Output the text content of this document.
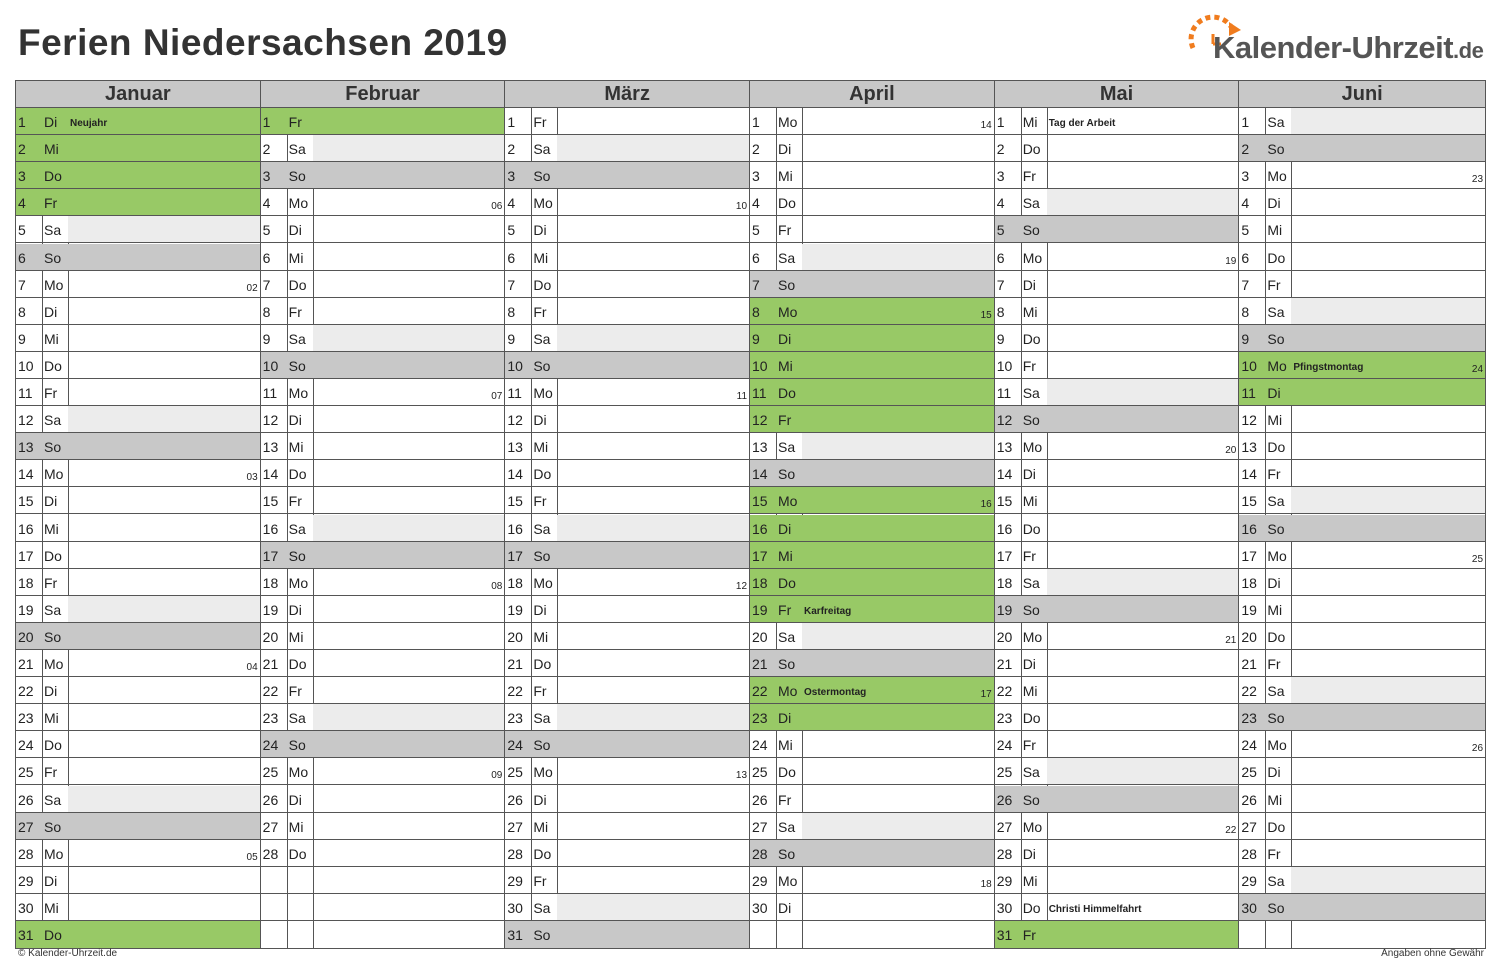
Ferien Niedersachsen 2019	Kalender-Uhrzeit.de
Januar
1 Di Neujahr
2 Mi
3 Do
4 Fr
5 Sa
6 So
7 Mo	02
8 Di
9 Mi
10 Do
11 Fr
12 Sa
13 So
14 Mo	03
15 Di
16 Mi
17 Do
18 Fr
19 Sa
20 So
21 Mo	04
22 Di
23 Mi
24 Do
25 Fr
26 Sa
27 So
28 Mo	05
29 Di
30 Mi
31 Do
Februar
1 Fr
2 Sa
3 So
4 Mo	06
5 Di
6 Mi
7 Do
8 Fr
9 Sa
10 So
11 Mo	07
12 Di
13 Mi
14 Do
15 Fr
16 Sa
17 So
18 Mo	08
19 Di
20 Mi
21 Do
22 Fr
23 Sa
24 So
25 Mo	09
26 Di
27 Mi
28 Do
März
1 Fr
2 Sa
3 So
4 Mo	10
5 Di
6 Mi
7 Do
8 Fr
9 Sa
10 So
11 Mo	11
12 Di
13 Mi
14 Do
15 Fr
16 Sa
17 So
18 Mo	12
19 Di
20 Mi
21 Do
22 Fr
23 Sa
24 So
25 Mo	13
26 Di
27 Mi
28 Do
29 Fr
30 Sa
31 So
April
1 Mo	14
2 Di
3 Mi
4 Do
5 Fr
6 Sa
7 So
8 Mo	15
9 Di
10 Mi
11 Do
12 Fr
13 Sa
14 So
15 Mo	16
16 Di
17 Mi
18 Do
19 Fr Karfreitag
20 Sa
21 So
22 Mo Ostermontag	17
23 Di
24 Mi
25 Do
26 Fr
27 Sa
28 So
29 Mo	18
30 Di
Mai
1 Mi Tag der Arbeit
2 Do
3 Fr
4 Sa
5 So
6 Mo	19
7 Di
8 Mi
9 Do
10 Fr
11 Sa
12 So
13 Mo	20
14 Di
15 Mi
16 Do
17 Fr
18 Sa
19 So
20 Mo	21
21 Di
22 Mi
23 Do
24 Fr
25 Sa
26 So
27 Mo	22
28 Di
29 Mi
30 Do Christi Himmelfahrt
31 Fr
Juni
1 Sa
2 So
3 Mo	23
4 Di
5 Mi
6 Do
7 Fr
8 Sa
9 So
10 Mo Pfingstmontag	24
11 Di
12 Mi
13 Do
14 Fr
15 Sa
16 So
17 Mo	25
18 Di
19 Mi
20 Do
21 Fr
22 Sa
23 So
24 Mo	26
25 Di
26 Mi
27 Do
28 Fr
29 Sa
30 So
© Kalender-Uhrzeit.de	Angaben ohne Gewähr
